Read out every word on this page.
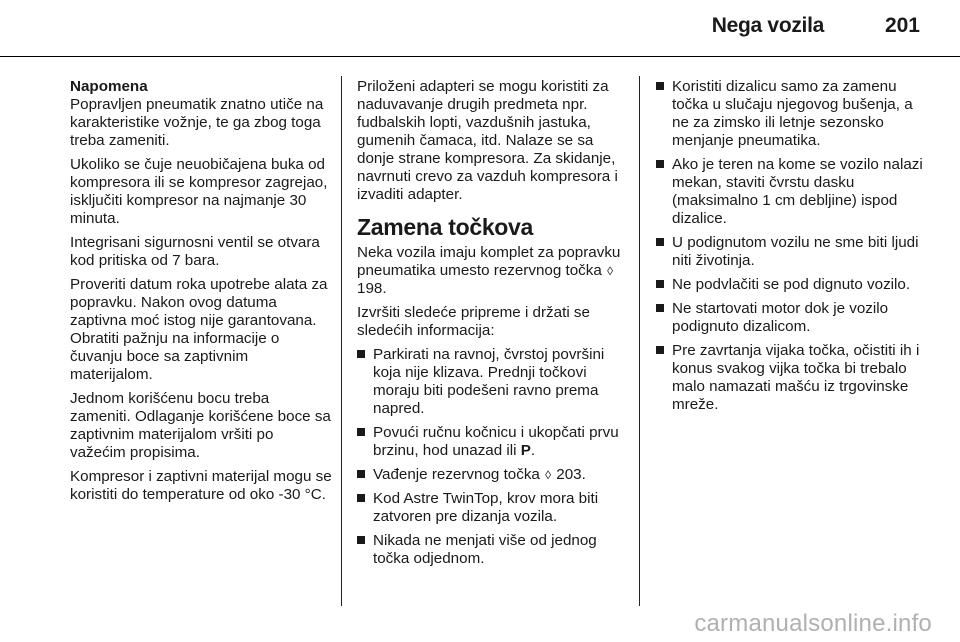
Nega vozila	201

Napomena

Popravljen pneumatik znatno utiče na karakteristike vožnje, te ga zbog toga treba zameniti.

Ukoliko se čuje neuobičajena buka od kompresora ili se kompresor zagrejao, isključiti kompresor na najmanje 30 minuta.

Integrisani sigurnosni ventil se otvara kod pritiska od 7 bara.

Proveriti datum roka upotrebe alata za popravku. Nakon ovog datuma zaptivna moć istog nije garantovana. Obratiti pažnju na informacije o čuvanju boce sa zaptivnim materijalom.

Jednom korišćenu bocu treba zameniti. Odlaganje korišćene boce sa zaptivnim materijalom vršiti po važećim propisima.

Kompresor i zaptivni materijal mogu se koristiti do temperature od oko -30 °C.

Priloženi adapteri se mogu koristiti za naduvavanje drugih predmeta npr. fudbalskih lopti, vazdušnih jastuka, gumenih čamaca, itd. Nalaze se sa donje strane kompresora. Za skidanje, navrnuti crevo za vazduh kompresora i izvaditi adapter.

Zamena točkova

Neka vozila imaju komplet za popravku pneumatika umesto rezervnog točka ◊ 198.

Izvršiti sledeće pripreme i držati se sledećih informacija:

Parkirati na ravnoj, čvrstoj površini koja nije klizava. Prednji točkovi moraju biti podešeni ravno prema napred.
Povući ručnu kočnicu i ukopčati prvu brzinu, hod unazad ili P.
Vađenje rezervnog točka ◊ 203.
Kod Astre TwinTop, krov mora biti zatvoren pre dizanja vozila.
Nikada ne menjati više od jednog točka odjednom.
Koristiti dizalicu samo za zamenu točka u slučaju njegovog bušenja, a ne za zimsko ili letnje sezonsko menjanje pneumatika.
Ako je teren na kome se vozilo nalazi mekan, staviti čvrstu dasku (maksimalno 1 cm debljine) ispod dizalice.
U podignutom vozilu ne sme biti ljudi niti životinja.
Ne podvlačiti se pod dignuto vozilo.
Ne startovati motor dok je vozilo podignuto dizalicom.
Pre zavrtanja vijaka točka, očistiti ih i konus svakog vijka točka bi trebalo malo namazati mašću iz trgovinske mreže.
carmanualsonline.info
